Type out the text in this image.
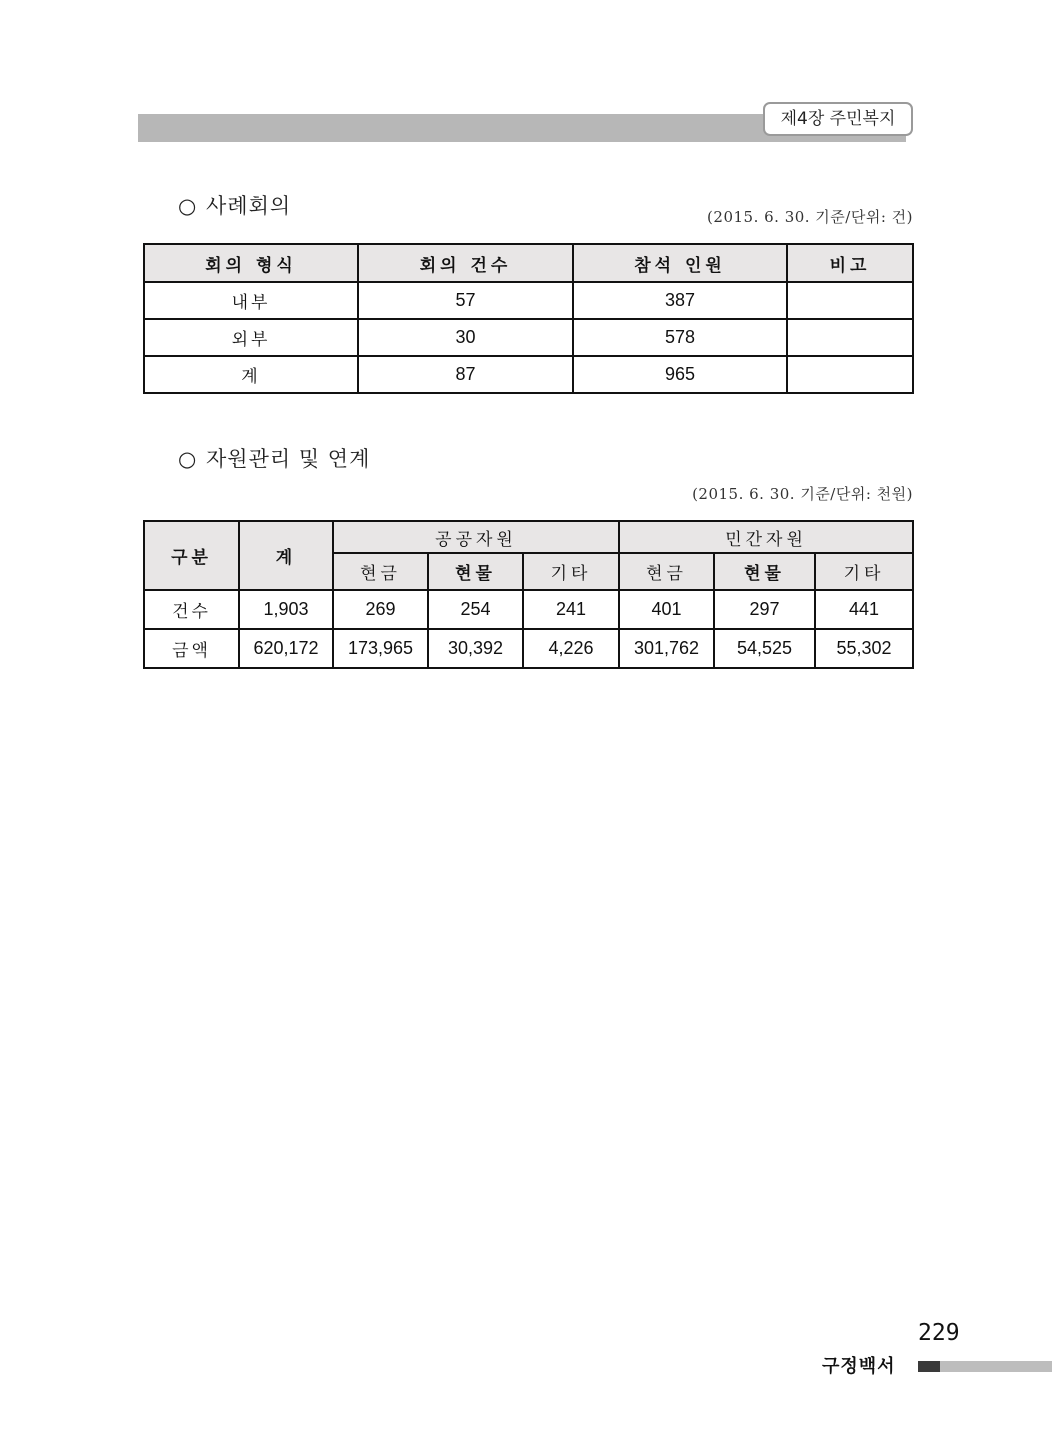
제4장 주민복지
○ 사례회의	(2015. 6. 30. 기준/단위: 건)
회의 형식	회의 건수	참석 인원	비고
내부	57	387	
외부	30	578	
계	87	965	
○ 자원관리 및 연계
(2015. 6. 30. 기준/단위: 천원)
구분	계	공공자원			민간자원		
		현금	현물	기타	현금	현물	기타
건수	1,903	269	254	241	401	297	441
금액	620,172	173,965	30,392	4,226	301,762	54,525	55,302
229
구정백서
